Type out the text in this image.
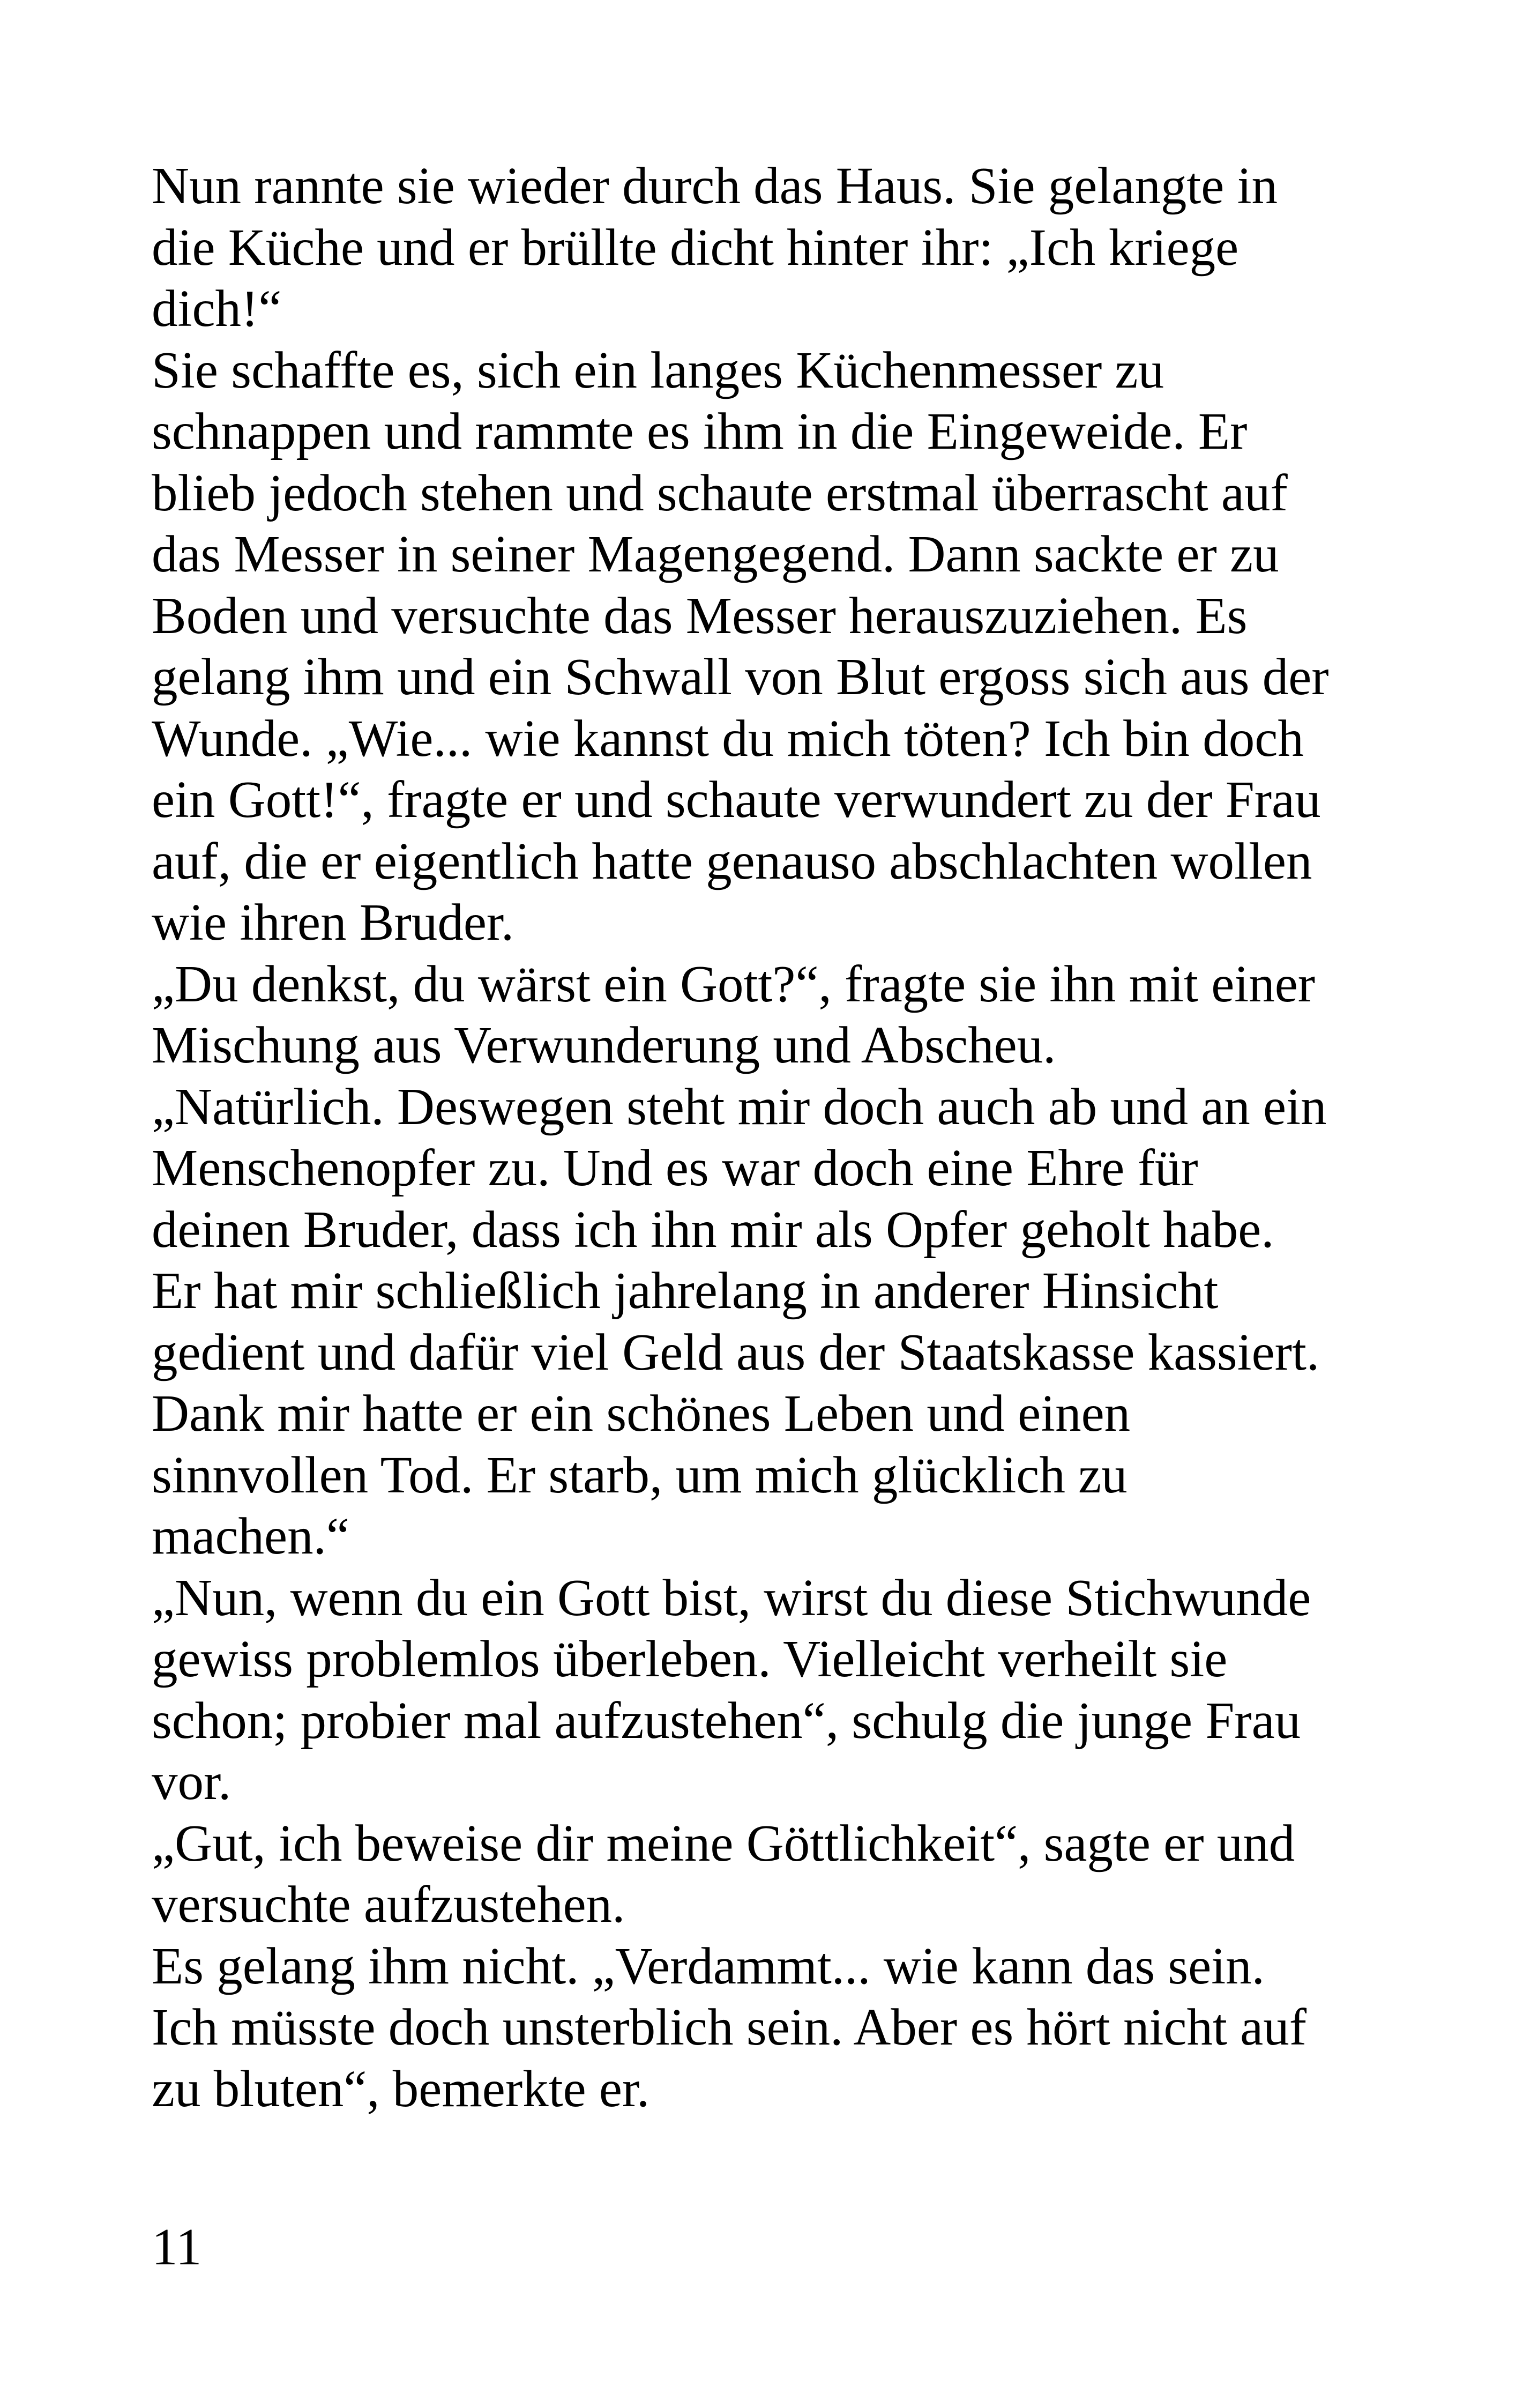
Nun rannte sie wieder durch das Haus. Sie gelangte in
die Küche und er brüllte dicht hinter ihr: „Ich kriege
dich!“
Sie schaffte es, sich ein langes Küchenmesser zu
schnappen und rammte es ihm in die Eingeweide. Er
blieb jedoch stehen und schaute erstmal überrascht auf
das Messer in seiner Magengegend. Dann sackte er zu
Boden und versuchte das Messer herauszuziehen. Es
gelang ihm und ein Schwall von Blut ergoss sich aus der
Wunde. „Wie... wie kannst du mich töten? Ich bin doch
ein Gott!“, fragte er und schaute verwundert zu der Frau
auf, die er eigentlich hatte genauso abschlachten wollen
wie ihren Bruder.
„Du denkst, du wärst ein Gott?“, fragte sie ihn mit einer
Mischung aus Verwunderung und Abscheu.
„Natürlich. Deswegen steht mir doch auch ab und an ein
Menschenopfer zu. Und es war doch eine Ehre für
deinen Bruder, dass ich ihn mir als Opfer geholt habe.
Er hat mir schließlich jahrelang in anderer Hinsicht
gedient und dafür viel Geld aus der Staatskasse kassiert.
Dank mir hatte er ein schönes Leben und einen
sinnvollen Tod. Er starb, um mich glücklich zu
machen.“
„Nun, wenn du ein Gott bist, wirst du diese Stichwunde
gewiss problemlos überleben. Vielleicht verheilt sie
schon; probier mal aufzustehen“, schulg die junge Frau
vor.
„Gut, ich beweise dir meine Göttlichkeit“, sagte er und
versuchte aufzustehen.
Es gelang ihm nicht. „Verdammt... wie kann das sein.
Ich müsste doch unsterblich sein. Aber es hört nicht auf
zu bluten“, bemerkte er.
11
